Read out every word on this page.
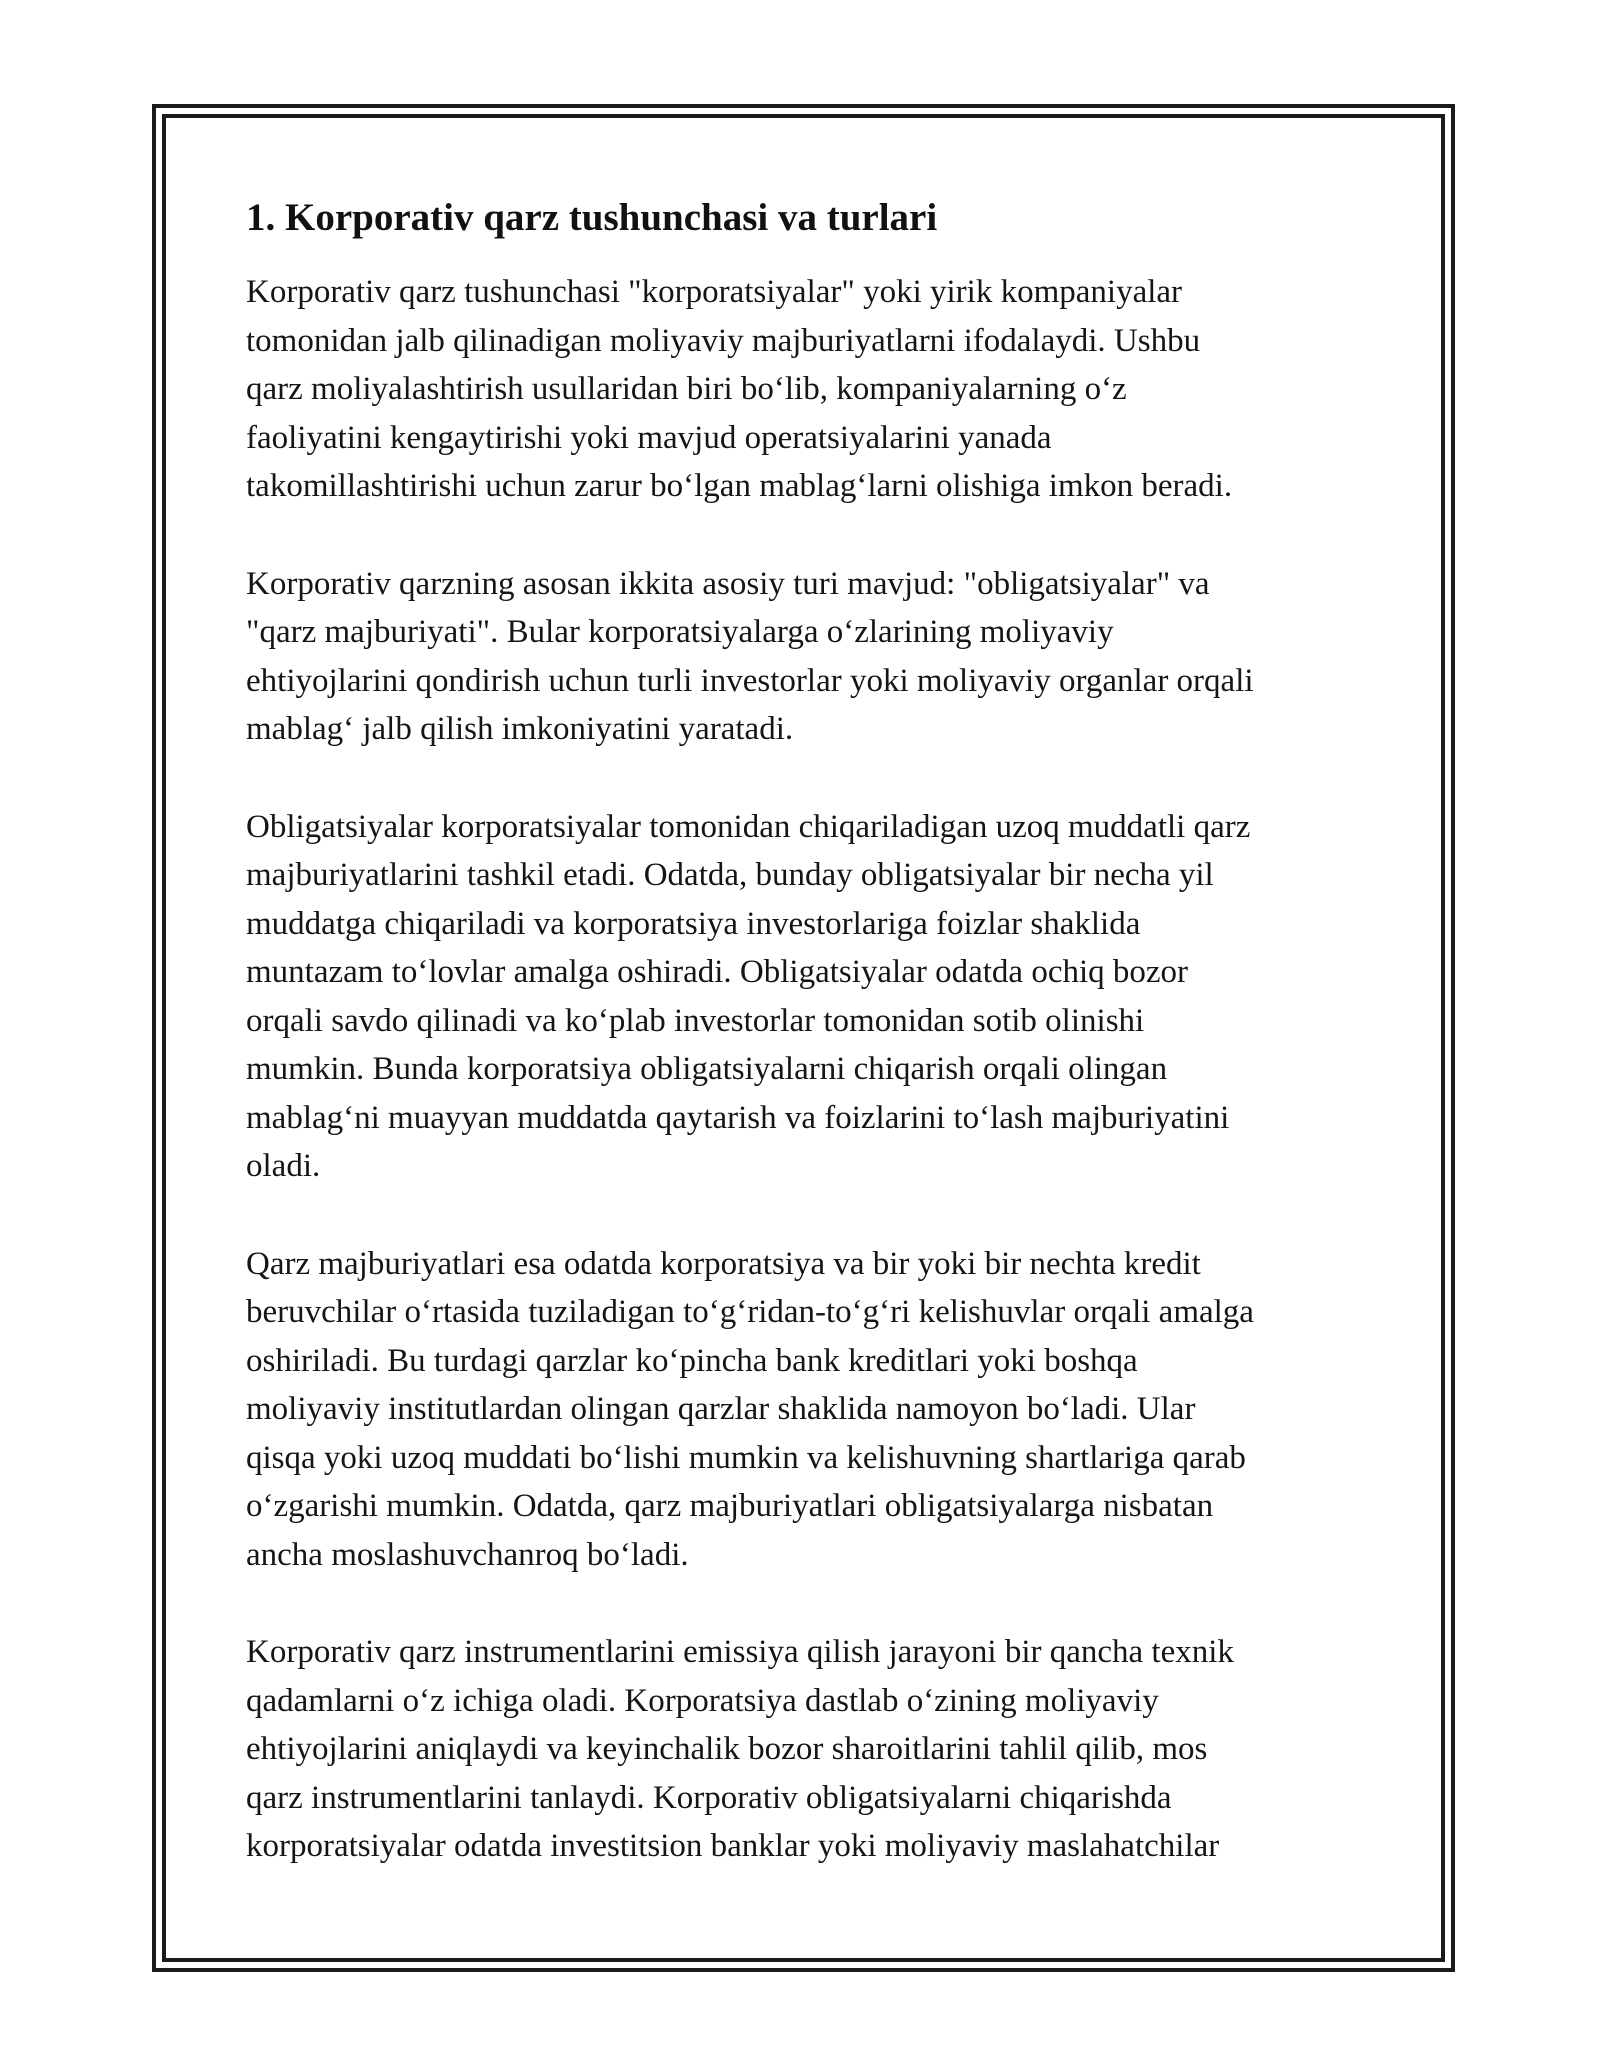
1. Korporativ qarz tushunchasi va turlari

Korporativ qarz tushunchasi "korporatsiyalar" yoki yirik kompaniyalar
tomonidan jalb qilinadigan moliyaviy majburiyatlarni ifodalaydi. Ushbu
qarz moliyalashtirish usullaridan biri bo‘lib, kompaniyalarning o‘z
faoliyatini kengaytirishi yoki mavjud operatsiyalarini yanada
takomillashtirishi uchun zarur bo‘lgan mablag‘larni olishiga imkon beradi.

Korporativ qarzning asosan ikkita asosiy turi mavjud: "obligatsiyalar" va
"qarz majburiyati". Bular korporatsiyalarga o‘zlarining moliyaviy
ehtiyojlarini qondirish uchun turli investorlar yoki moliyaviy organlar orqali
mablag‘ jalb qilish imkoniyatini yaratadi.

Obligatsiyalar korporatsiyalar tomonidan chiqariladigan uzoq muddatli qarz
majburiyatlarini tashkil etadi. Odatda, bunday obligatsiyalar bir necha yil
muddatga chiqariladi va korporatsiya investorlariga foizlar shaklida
muntazam to‘lovlar amalga oshiradi. Obligatsiyalar odatda ochiq bozor
orqali savdo qilinadi va ko‘plab investorlar tomonidan sotib olinishi
mumkin. Bunda korporatsiya obligatsiyalarni chiqarish orqali olingan
mablag‘ni muayyan muddatda qaytarish va foizlarini to‘lash majburiyatini
oladi.

Qarz majburiyatlari esa odatda korporatsiya va bir yoki bir nechta kredit
beruvchilar o‘rtasida tuziladigan to‘g‘ridan-to‘g‘ri kelishuvlar orqali amalga
oshiriladi. Bu turdagi qarzlar ko‘pincha bank kreditlari yoki boshqa
moliyaviy institutlardan olingan qarzlar shaklida namoyon bo‘ladi. Ular
qisqa yoki uzoq muddati bo‘lishi mumkin va kelishuvning shartlariga qarab
o‘zgarishi mumkin. Odatda, qarz majburiyatlari obligatsiyalarga nisbatan
ancha moslashuvchanroq bo‘ladi.

Korporativ qarz instrumentlarini emissiya qilish jarayoni bir qancha texnik
qadamlarni o‘z ichiga oladi. Korporatsiya dastlab o‘zining moliyaviy
ehtiyojlarini aniqlaydi va keyinchalik bozor sharoitlarini tahlil qilib, mos
qarz instrumentlarini tanlaydi. Korporativ obligatsiyalarni chiqarishda
korporatsiyalar odatda investitsion banklar yoki moliyaviy maslahatchilar
